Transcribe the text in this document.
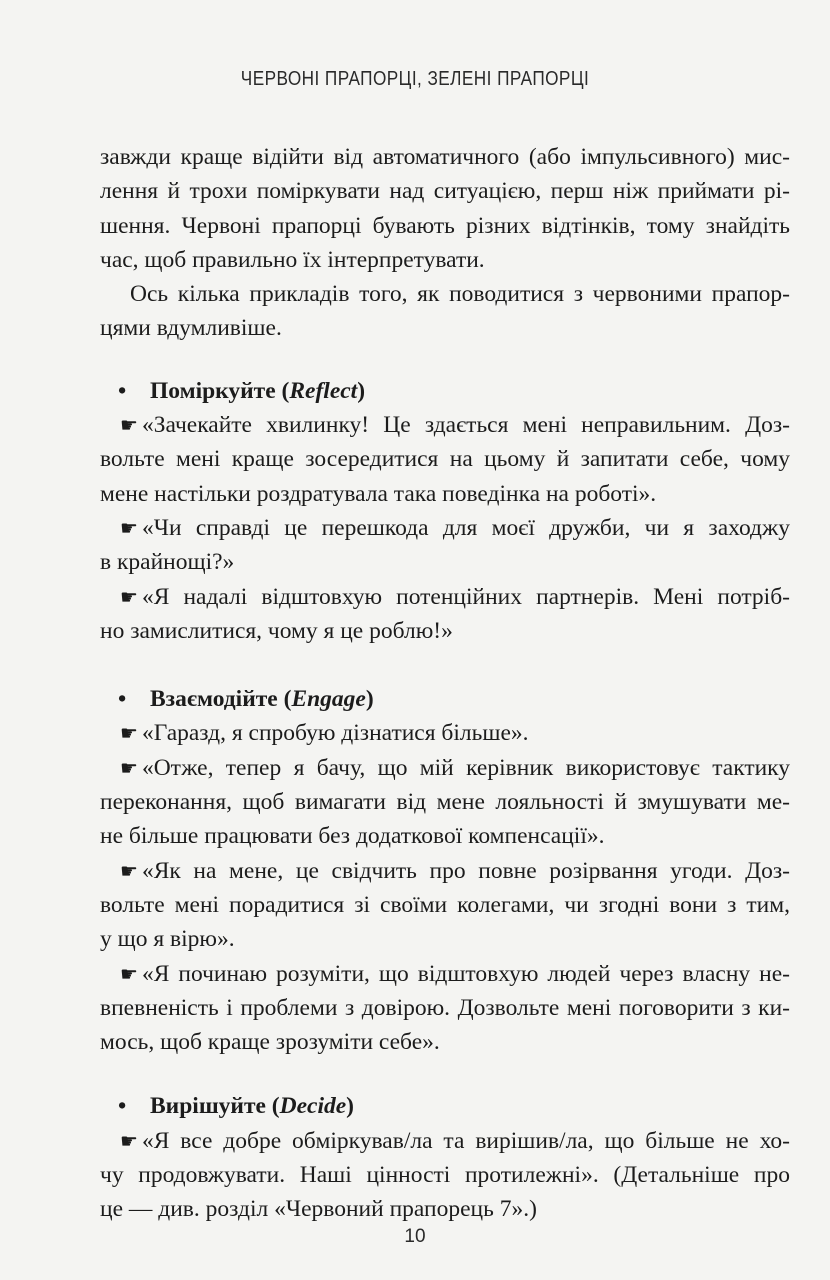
ЧЕРВОНІ ПРАПОРЦІ, ЗЕЛЕНІ ПРАПОРЦІ
завжди краще відійти від автоматичного (або імпульсивного) мис-
лення й трохи поміркувати над ситуацією, перш ніж приймати рі-
шення. Червоні прапорці бувають різних відтінків, тому знайдіть
час, щоб правильно їх інтерпретувати.
Ось кілька прикладів того, як поводитися з червоними прапор-
цями вдумливіше.
• Поміркуйте (Reflect)
☛ «Зачекайте хвилинку! Це здається мені неправильним. Доз-
вольте мені краще зосередитися на цьому й запитати себе, чому
мене настільки роздратувала така поведінка на роботі».
☛ «Чи справді це перешкода для моєї дружби, чи я заходжу
в крайнощі?»
☛ «Я надалі відштовхую потенційних партнерів. Мені потріб-
но замислитися, чому я це роблю!»
• Взаємодійте (Engage)
☛ «Гаразд, я спробую дізнатися більше».
☛ «Отже, тепер я бачу, що мій керівник використовує тактику
переконання, щоб вимагати від мене лояльності й змушувати ме-
не більше працювати без додаткової компенсації».
☛ «Як на мене, це свідчить про повне розірвання угоди. Доз-
вольте мені порадитися зі своїми колегами, чи згодні вони з тим,
у що я вірю».
☛ «Я починаю розуміти, що відштовхую людей через власну не-
впевненість і проблеми з довірою. Дозвольте мені поговорити з ки-
мось, щоб краще зрозуміти себе».
• Вирішуйте (Decide)
☛ «Я все добре обміркував/ла та вирішив/ла, що більше не хо-
чу продовжувати. Наші цінності протилежні». (Детальніше про
це — див. розділ «Червоний прапорець 7».)
10
